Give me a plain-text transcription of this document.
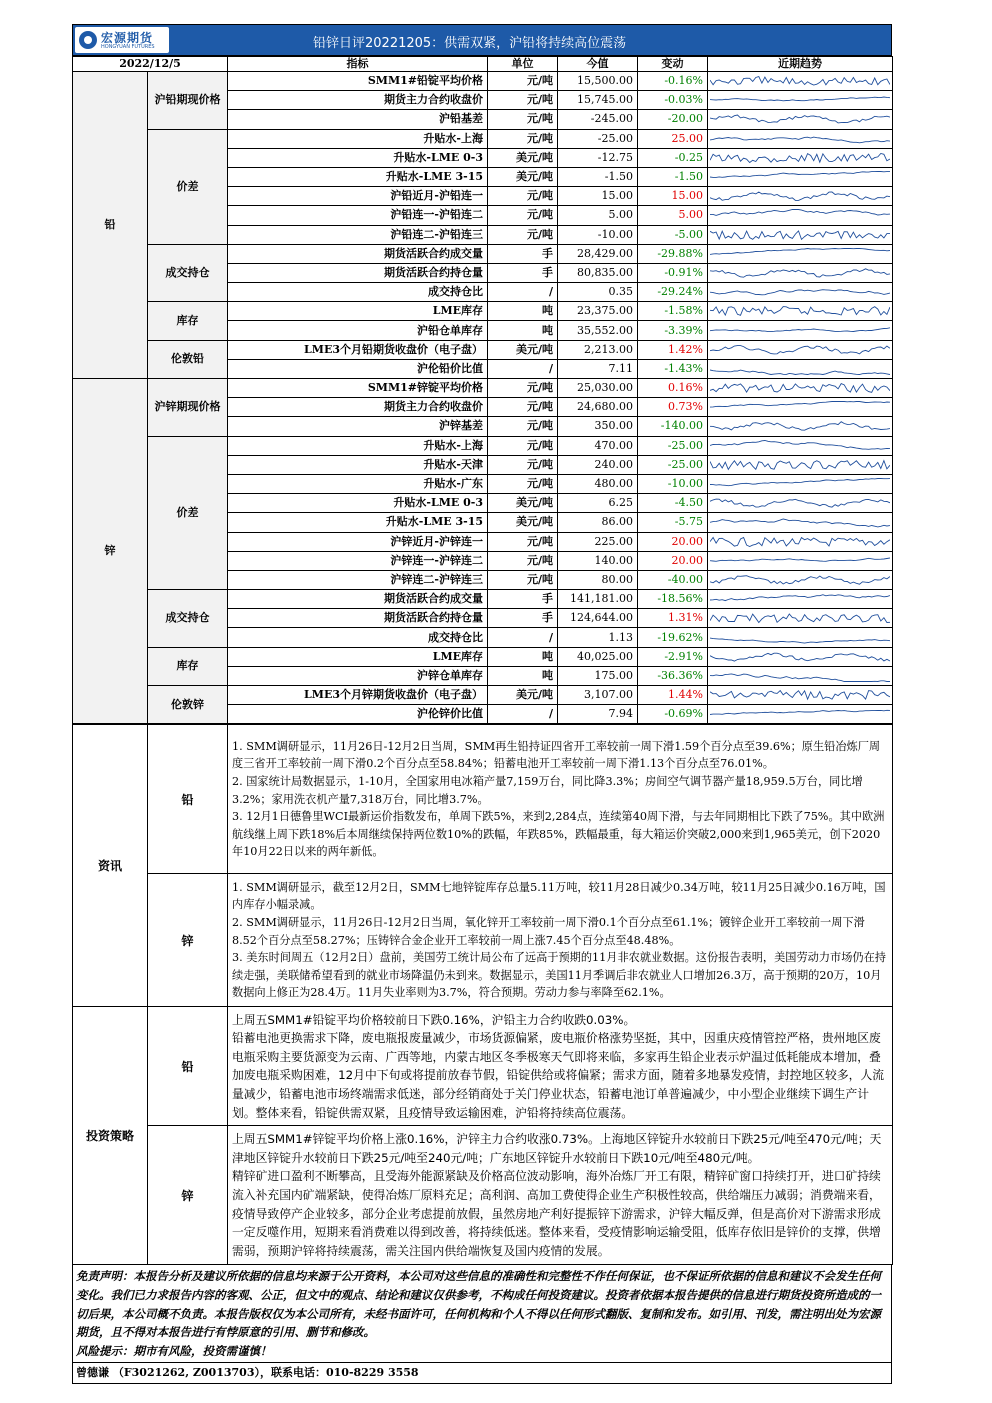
宏源期货
HONGYUAN FUTURES	铅锌日评20221205：供需双紧，沪铅将持续高位震荡
2022/12/5		指标	单位	今值	变动	近期趋势
铅	沪铅期现价格	SMM1#铅锭平均价格	元/吨	15,500.00	-0.16%	

		期货主力合约收盘价	元/吨	15,745.00	-0.03%	

		沪铅基差	元/吨	-245.00	-20.00	

	价差	升贴水-上海	元/吨	-25.00	25.00	

		升贴水-LME 0-3	美元/吨	-12.75	-0.25	

		升贴水-LME 3-15	美元/吨	-1.50	-1.50	

		沪铅近月-沪铅连一	元/吨	15.00	15.00	

		沪铅连一-沪铅连二	元/吨	5.00	5.00	

		沪铅连二-沪铅连三	元/吨	-10.00	-5.00	

	成交持仓	期货活跃合约成交量	手	28,429.00	-29.88%	

		期货活跃合约持仓量	手	80,835.00	-0.91%	

		成交持仓比	/	0.35	-29.24%	

	库存	LME库存	吨	23,375.00	-1.58%	

		沪铅仓单库存	吨	35,552.00	-3.39%	

	伦敦铅	LME3个月铅期货收盘价（电子盘）	美元/吨	2,213.00	1.42%	

		沪伦铅价比值	/	7.11	-1.43%	

锌	沪锌期现价格	SMM1#锌锭平均价格	元/吨	25,030.00	0.16%	

		期货主力合约收盘价	元/吨	24,680.00	0.73%	

		沪锌基差	元/吨	350.00	-140.00	

	价差	升贴水-上海	元/吨	470.00	-25.00	

		升贴水-天津	元/吨	240.00	-25.00	

		升贴水-广东	元/吨	480.00	-10.00	

		升贴水-LME 0-3	美元/吨	6.25	-4.50	

		升贴水-LME 3-15	美元/吨	86.00	-5.75	

		沪锌近月-沪锌连一	元/吨	225.00	20.00	

		沪锌连一-沪锌连二	元/吨	140.00	20.00	

		沪锌连二-沪锌连三	元/吨	80.00	-40.00	

	成交持仓	期货活跃合约成交量	手	141,181.00	-18.56%	

		期货活跃合约持仓量	手	124,644.00	1.31%	

		成交持仓比	/	1.13	-19.62%	

	库存	LME库存	吨	40,025.00	-2.91%	

		沪锌仓单库存	吨	175.00	-36.36%	

	伦敦锌	LME3个月锌期货收盘价（电子盘）	美元/吨	3,107.00	1.44%	

		沪伦锌价比值	/	7.94	-0.69%	
资讯	铅	1. SMM调研显示，11月26日-12月2日当周，SMM再生铅持证四省开工率较前一周下滑1.59个百分点至39.6%；原生铅冶炼厂周度三省开工率较前一周下滑0.2个百分点至58.84%；铅蓄电池开工率较前一周下滑1.13个百分点至76.01%。

2. 国家统计局数据显示，1-10月，全国家用电冰箱产量7,159万台，同比降3.3%；房间空气调节器产量18,959.5万台，同比增3.2%；家用洗衣机产量7,318万台，同比增3.7%。

3. 12月1日德鲁里WCI最新运价指数发布，单周下跌5%，来到2,284点，连续第40周下滑，与去年同期相比下跌了75%。其中欧洲航线继上周下跌18%后本周继续保持两位数10%的跌幅，年跌85%，跌幅最重，每大箱运价突破2,000来到1,965美元，创下2020年10月22日以来的两年新低。

	锌	1. SMM调研显示，截至12月2日，SMM七地锌锭库存总量5.11万吨，较11月28日减少0.34万吨，较11月25日减少0.16万吨，国内库存小幅录减。

2. SMM调研显示，11月26日-12月2日当周，氧化锌开工率较前一周下滑0.1个百分点至61.1%；镀锌企业开工率较前一周下滑8.52个百分点至58.27%；压铸锌合金企业开工率较前一周上涨7.45个百分点至48.48%。

3. 美东时间周五（12月2日）盘前，美国劳工统计局公布了远高于预期的11月非农就业数据。这份报告表明，美国劳动力市场仍在持续走强，美联储希望看到的就业市场降温仍未到来。数据显示，美国11月季调后非农就业人口增加26.3万，高于预期的20万，10月数据向上修正为28.4万。11月失业率则为3.7%，符合预期。劳动力参与率降至62.1%。

投资策略	铅	上周五SMM1#铅锭平均价格较前日下跌0.16%，沪铅主力合约收跌0.03%。

铅蓄电池更换需求下降，废电瓶报废量减少，市场货源偏紧，废电瓶价格涨势坚挺，其中，因重庆疫情管控严格，贵州地区废电瓶采购主要货源变为云南、广西等地，内蒙古地区冬季极寒天气即将来临，多家再生铅企业表示炉温过低耗能成本增加，叠加废电瓶采购困难，12月中下旬或将提前放春节假，铅锭供给或将偏紧；需求方面，随着多地暴发疫情，封控地区较多，人流量减少，铅蓄电池市场终端需求低迷，部分经销商处于关门停业状态，铅蓄电池订单普遍减少，中小型企业继续下调生产计划。整体来看，铅锭供需双紧，且疫情导致运输困难，沪铅将持续高位震荡。

	锌	上周五SMM1#锌锭平均价格上涨0.16%，沪锌主力合约收涨0.73%。上海地区锌锭升水较前日下跌25元/吨至470元/吨；天津地区锌锭升水较前日下跌25元/吨至240元/吨；广东地区锌锭升水较前日下跌10元/吨至480元/吨。

精锌矿进口盈利不断攀高，且受海外能源紧缺及价格高位波动影响，海外冶炼厂开工有限，精锌矿窗口持续打开，进口矿持续流入补充国内矿端紧缺，使得冶炼厂原料充足；高利润、高加工费使得企业生产积极性较高，供给端压力减弱；消费端来看，疫情导致停产企业较多，部分企业考虑提前放假，虽然房地产利好提振锌下游需求，沪锌大幅反弹，但是高价对下游需求形成一定反噬作用，短期来看消费难以得到改善，将持续低迷。整体来看，受疫情影响运输受阻，低库存依旧是锌价的支撑，供增需弱，预期沪锌将持续震荡，需关注国内供给端恢复及国内疫情的发展。

免责声明：本报告分析及建议所依据的信息均来源于公开资料，本公司对这些信息的准确性和完整性不作任何保证，也不保证所依据的信息和建议不会发生任何变化。我们已力求报告内容的客观、公正，但文中的观点、结论和建议仅供参考，不构成任何投资建议。投资者依据本报告提供的信息进行期货投资所造成的一切后果，本公司概不负责。本报告版权仅为本公司所有，未经书面许可，任何机构和个人不得以任何形式翻版、复制和发布。如引用、刊发，需注明出处为宏源期货，且不得对本报告进行有悖原意的引用、删节和修改。

风险提示：期市有风险，投资需谨慎！

曾德谦 （F3021262, Z0013703），联系电话：010-8229 3558
